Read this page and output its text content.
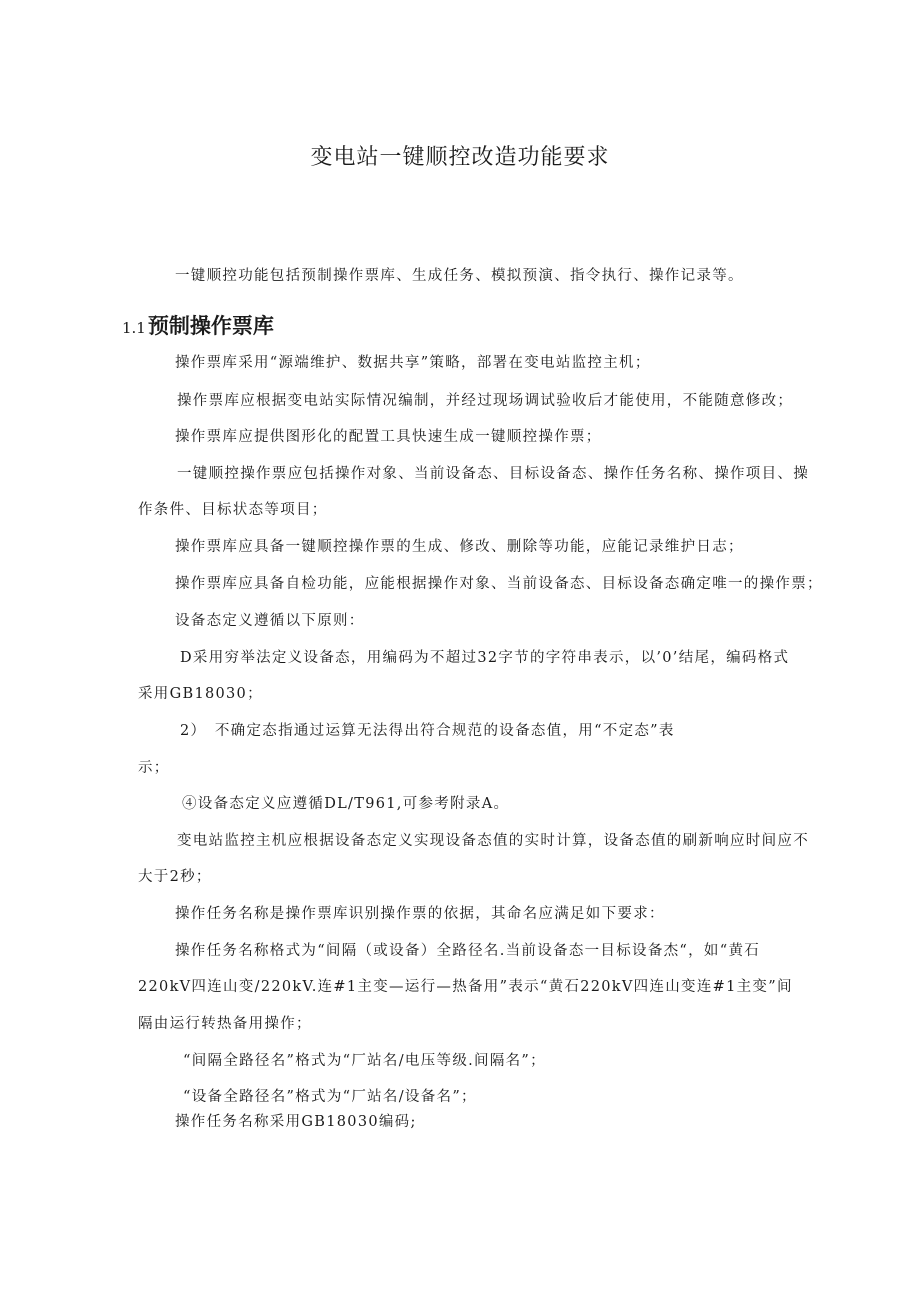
变电站一键顺控改造功能要求
一键顺控功能包括预制操作票库、生成任务、模拟预演、指令执行、操作记录等。
1.1预制操作票库
操作票库采用“源端维护、数据共享”策略，部署在变电站监控主机；
操作票库应根据变电站实际情况编制，并经过现场调试验收后才能使用，不能随意修改；
操作票库应提供图形化的配置工具快速生成一键顺控操作票；
一键顺控操作票应包括操作对象、当前设备态、目标设备态、操作任务名称、操作项目、操
作条件、目标状态等项目；
操作票库应具备一键顺控操作票的生成、修改、删除等功能，应能记录维护日志；
操作票库应具备自检功能，应能根据操作对象、当前设备态、目标设备态确定唯一的操作票；
设备态定义遵循以下原则：
D采用穷举法定义设备态，用编码为不超过32字节的字符串表示，以’0’结尾，编码格式
采用GB18030；
2）　不确定态指通过运算无法得出符合规范的设备态值，用“不定态”表
示；
④设备态定义应遵循DL/T961,可参考附录A。
变电站监控主机应根据设备态定义实现设备态值的实时计算，设备态值的刷新响应时间应不
大于2秒；
操作任务名称是操作票库识别操作票的依据，其命名应满足如下要求：
操作任务名称格式为“间隔（或设备）全路径名.当前设备态一目标设备杰“，如“黄石
220kV四连山变/220kV.连#1主变—运行—热备用”表示“黄石220kV四连山变连#1主变”间
隔由运行转热备用操作；
“间隔全路径名”格式为“厂站名/电压等级.间隔名”；
“设备全路径名”格式为“厂站名/设备名”；
操作任务名称采用GB18030编码;
